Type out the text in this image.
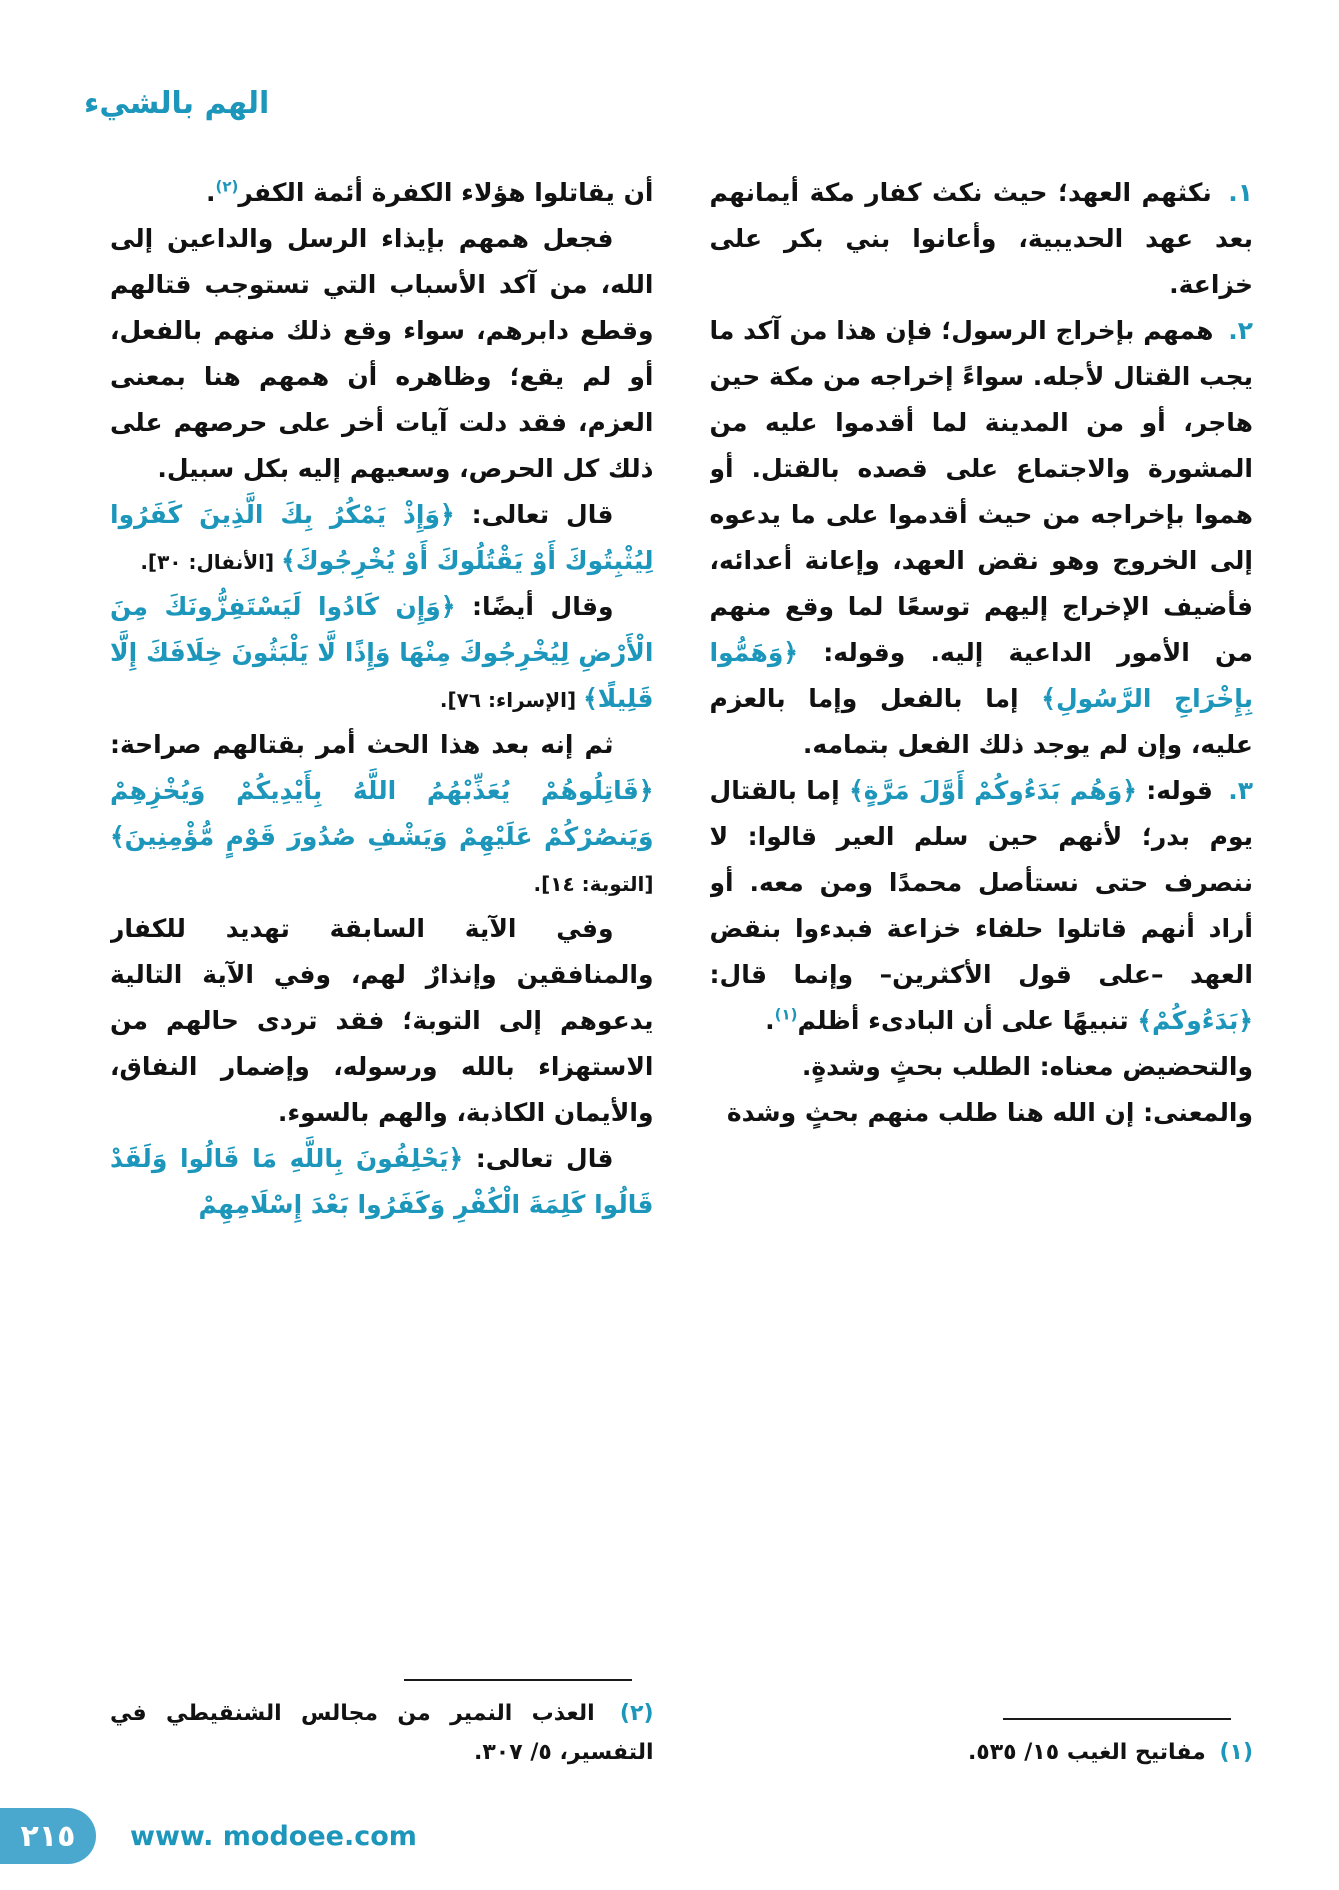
الهم بالشيء

١. نكثهم العهد؛ حيث نكث كفار مكة أيمانهم بعد عهد الحديبية، وأعانوا بني بكر على خزاعة.

٢. همهم بإخراج الرسول؛ فإن هذا من آكد ما يجب القتال لأجله. سواءً إخراجه من مكة حين هاجر، أو من المدينة لما أقدموا عليه من المشورة والاجتماع على قصده بالقتل. أو هموا بإخراجه من حيث أقدموا على ما يدعوه إلى الخروج وهو نقض العهد، وإعانة أعدائه، فأضيف الإخراج إليهم توسعًا لما وقع منهم من الأمور الداعية إليه. وقوله: ﴿وَهَمُّوا بِإِخْرَاجِ الرَّسُولِ﴾ إما بالفعل وإما بالعزم عليه، وإن لم يوجد ذلك الفعل بتمامه.

٣. قوله: ﴿وَهُم بَدَءُوكُمْ أَوَّلَ مَرَّةٍ﴾ إما بالقتال يوم بدر؛ لأنهم حين سلم العير قالوا: لا ننصرف حتى نستأصل محمدًا ومن معه. أو أراد أنهم قاتلوا حلفاء خزاعة فبدءوا بنقض العهد –على قول الأكثرين– وإنما قال: ﴿بَدَءُوكُمْ﴾ تنبيهًا على أن البادىء أظلم$^{(١)}$.

والتحضيض معناه: الطلب بحثٍ وشدةٍ.

والمعنى: إن الله هنا طلب منهم بحثٍ وشدة

(١) مفاتيح الغيب ١٥/ ٥٣٥.

أن يقاتلوا هؤلاء الكفرة أئمة الكفر$^{(٢)}$.

فجعل همهم بإيذاء الرسل والداعين إلى الله، من آكد الأسباب التي تستوجب قتالهم وقطع دابرهم، سواء وقع ذلك منهم بالفعل، أو لم يقع؛ وظاهره أن همهم هنا بمعنى العزم، فقد دلت آيات أخر على حرصهم على ذلك كل الحرص، وسعيهم إليه بكل سبيل.

قال تعالى: ﴿وَإِذْ يَمْكُرُ بِكَ الَّذِينَ كَفَرُوا لِيُثْبِتُوكَ أَوْ يَقْتُلُوكَ أَوْ يُخْرِجُوكَ﴾ [الأنفال: ٣٠].

وقال أيضًا: ﴿وَإِن كَادُوا لَيَسْتَفِزُّونَكَ مِنَ الْأَرْضِ لِيُخْرِجُوكَ مِنْهَا وَإِذًا لَّا يَلْبَثُونَ خِلَافَكَ إِلَّا قَلِيلًا﴾ [الإسراء: ٧٦].

ثم إنه بعد هذا الحث أمر بقتالهم صراحة: ﴿قَاتِلُوهُمْ يُعَذِّبْهُمُ اللَّهُ بِأَيْدِيكُمْ وَيُخْزِهِمْ وَيَنصُرْكُمْ عَلَيْهِمْ وَيَشْفِ صُدُورَ قَوْمٍ مُّؤْمِنِينَ﴾ [التوبة: ١٤].

وفي الآية السابقة تهديد للكفار والمنافقين وإنذارٌ لهم، وفي الآية التالية يدعوهم إلى التوبة؛ فقد تردى حالهم من الاستهزاء بالله ورسوله، وإضمار النفاق، والأيمان الكاذبة، والهم بالسوء.

قال تعالى: ﴿يَحْلِفُونَ بِاللَّهِ مَا قَالُوا وَلَقَدْ قَالُوا كَلِمَةَ الْكُفْرِ وَكَفَرُوا بَعْدَ إِسْلَامِهِمْ

(٢) العذب النمير من مجالس الشنقيطي في التفسير، ٥/ ٣٠٧.
٢١٥ www. modoee.com
